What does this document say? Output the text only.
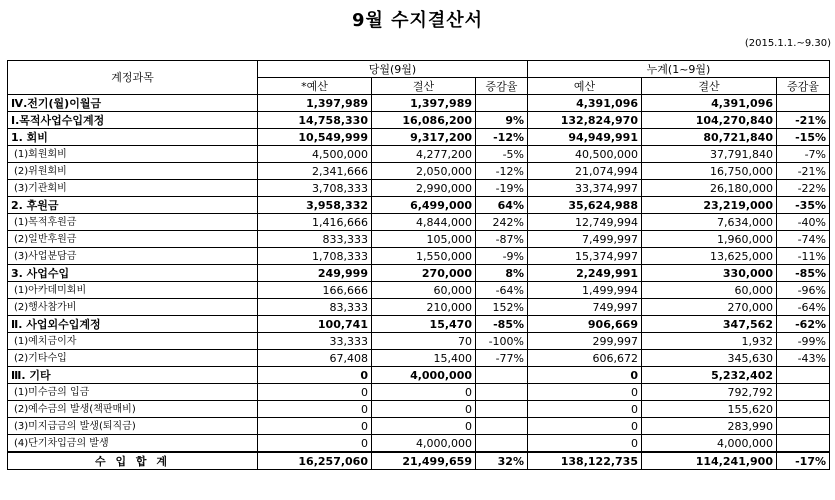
9월 수지결산서
(2015.1.1.~9.30)
계정과목	당월(9월)			누계(1~9월)		
	*예산	결산	증감율	예산	결산	증감율
Ⅳ.전기(월)이월금	1,397,989	1,397,989		4,391,096	4,391,096	
Ⅰ.목적사업수입계정	14,758,330	16,086,200	9%	132,824,970	104,270,840	-21%
1. 회비	10,549,999	9,317,200	-12%	94,949,991	80,721,840	-15%
(1)회원회비	4,500,000	4,277,200	-5%	40,500,000	37,791,840	-7%
(2)위원회비	2,341,666	2,050,000	-12%	21,074,994	16,750,000	-21%
(3)기관회비	3,708,333	2,990,000	-19%	33,374,997	26,180,000	-22%
2. 후원금	3,958,332	6,499,000	64%	35,624,988	23,219,000	-35%
(1)목적후원금	1,416,666	4,844,000	242%	12,749,994	7,634,000	-40%
(2)일반후원금	833,333	105,000	-87%	7,499,997	1,960,000	-74%
(3)사업분담금	1,708,333	1,550,000	-9%	15,374,997	13,625,000	-11%
3. 사업수입	249,999	270,000	8%	2,249,991	330,000	-85%
(1)아카데미회비	166,666	60,000	-64%	1,499,994	60,000	-96%
(2)행사참가비	83,333	210,000	152%	749,997	270,000	-64%
Ⅱ. 사업외수입계정	100,741	15,470	-85%	906,669	347,562	-62%
(1)예치금이자	33,333	70	-100%	299,997	1,932	-99%
(2)기타수입	67,408	15,400	-77%	606,672	345,630	-43%
Ⅲ. 기타	0	4,000,000		0	5,232,402	
(1)미수금의 입금	0	0		0	792,792	
(2)예수금의 발생(책판매비)	0	0		0	155,620	
(3)미지급금의 발생(퇴직금)	0	0		0	283,990	
(4)단기차입금의 발생	0	4,000,000		0	4,000,000	
수 입 합 계	16,257,060	21,499,659	32%	138,122,735	114,241,900	-17%
